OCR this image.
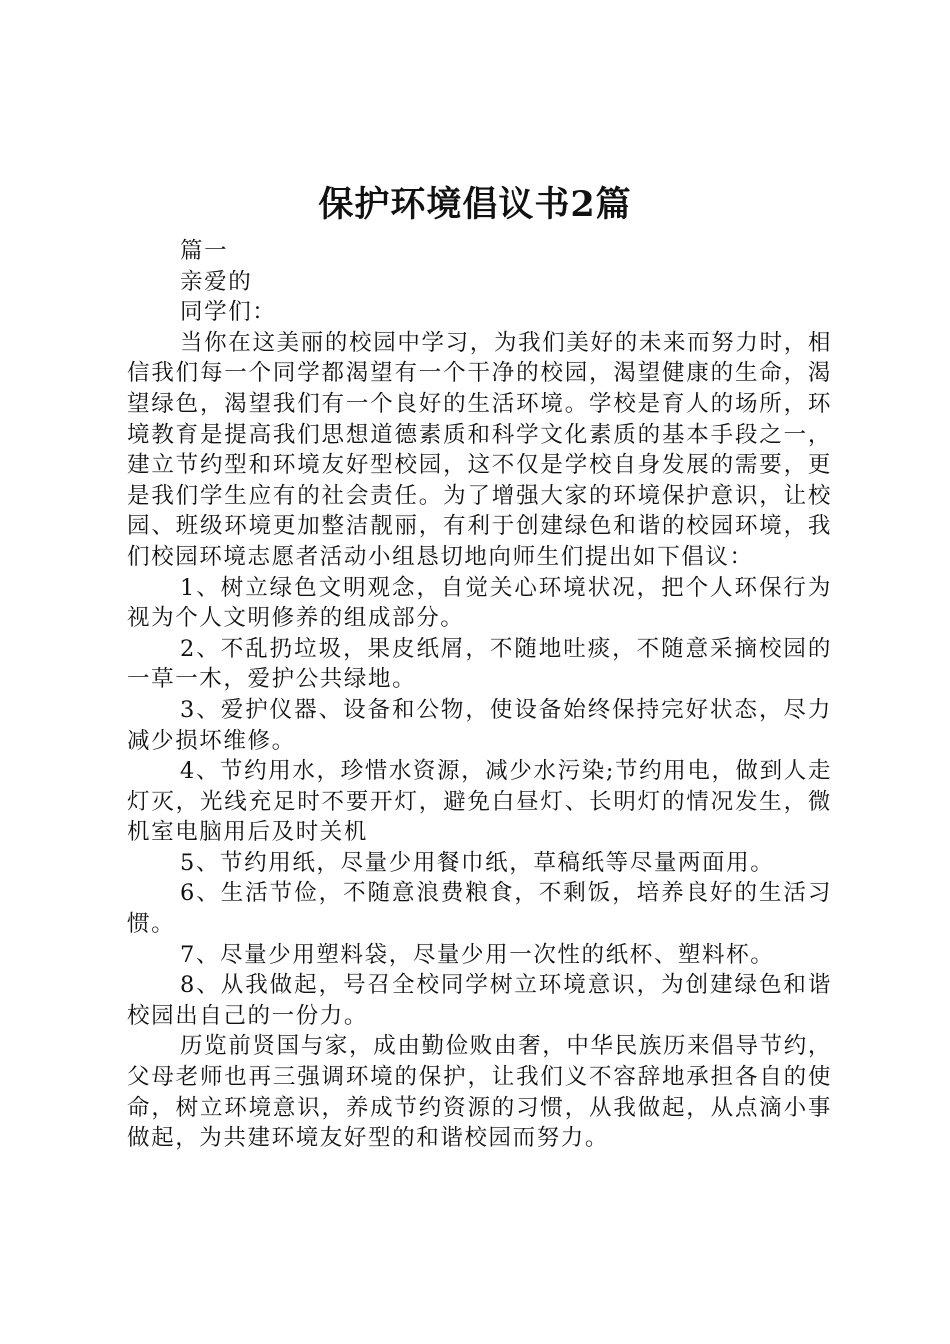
保护环境倡议书2篇

篇一

亲爱的

同学们：

当你在这美丽的校园中学习，为我们美好的未来而努力时，相信我们每一个同学都渴望有一个干净的校园，渴望健康的生命，渴望绿色，渴望我们有一个良好的生活环境。学校是育人的场所，环境教育是提高我们思想道德素质和科学文化素质的基本手段之一，建立节约型和环境友好型校园，这不仅是学校自身发展的需要，更是我们学生应有的社会责任。为了增强大家的环境保护意识，让校园、班级环境更加整洁靓丽，有利于创建绿色和谐的校园环境，我们校园环境志愿者活动小组恳切地向师生们提出如下倡议：

1、树立绿色文明观念，自觉关心环境状况，把个人环保行为视为个人文明修养的组成部分。

2、不乱扔垃圾，果皮纸屑，不随地吐痰，不随意采摘校园的一草一木，爱护公共绿地。

3、爱护仪器、设备和公物，使设备始终保持完好状态，尽力减少损坏维修。

4、节约用水，珍惜水资源，减少水污染;节约用电，做到人走灯灭，光线充足时不要开灯，避免白昼灯、长明灯的情况发生，微机室电脑用后及时关机

5、节约用纸，尽量少用餐巾纸，草稿纸等尽量两面用。

6、生活节俭，不随意浪费粮食，不剩饭，培养良好的生活习惯。

7、尽量少用塑料袋，尽量少用一次性的纸杯、塑料杯。

8、从我做起，号召全校同学树立环境意识，为创建绿色和谐校园出自己的一份力。

历览前贤国与家，成由勤俭败由奢，中华民族历来倡导节约，父母老师也再三强调环境的保护，让我们义不容辞地承担各自的使命，树立环境意识，养成节约资源的习惯，从我做起，从点滴小事做起，为共建环境友好型的和谐校园而努力。
